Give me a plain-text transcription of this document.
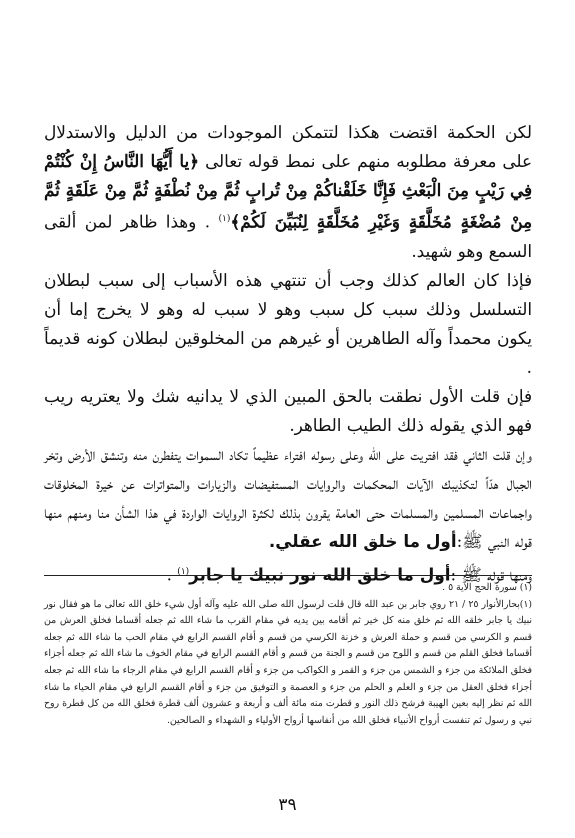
لكن الحكمة اقتضت هكذا لتتمكن الموجودات من الدليل والاستدلال على معرفة مطلوبه منهم على نمط قوله تعالى ﴿يا أَيُّهَا النَّاسُ إِنْ كُنْتُمْ فِي رَيْبٍ مِنَ الْبَعْثِ فَإِنَّا خَلَقْناكُمْ مِنْ تُرابٍ ثُمَّ مِنْ نُطْفَةٍ ثُمَّ مِنْ عَلَقَةٍ ثُمَّ مِنْ مُضْغَةٍ مُخَلَّقَةٍ وَغَيْرِ مُخَلَّقَةٍ لِنُبَيِّنَ لَكُمْ﴾$^{(١)}$ . وهذا ظاهر لمن ألقى السمع وهو شهيد.

فإذا كان العالم كذلك وجب أن تنتهي هذه الأسباب إلى سبب لبطلان التسلسل وذلك سبب كل سبب وهو لا سبب له وهو لا يخرج إما أن يكون محمداً وآله الطاهرين أو غيرهم من المخلوقين لبطلان كونه قديماً .

فإن قلت الأول نطقت بالحق المبين الذي لا يدانيه شك ولا يعتريه ريب فهو الذي يقوله ذلك الطيب الطاهر.

وإن قلت الثاني فقد افتريت على الله وعلى رسوله افتراء عظيماً تكاد السموات يتفطرن منه وتنشق الأرض وتخر الجبال هدّاً لتكذيبك الآيات المحكمات والروايات المستفيضات والزيارات والمتواترات عن خيرة المخلوقات واجماعات المسلمين والمسلمات حتى العامة يقرون بذلك لكثرة الروايات الواردة في هذا الشأن منا ومنهم منها قوله النبي ﷺ:أول ما خلق الله عقلي.

ومنها قوله ﷺ :أول ما خلق الله نور نبيك يا جابر$^{(١)}$ .

(١) سورة الحج الآية ٥ .

(١)بحارالأنوار ٢٥ / ٢١ روي جابر بن عبد الله قال قلت لرسول الله صلى الله عليه وآله أول شيء خلق الله تعالى ما هو فقال نور نبيك يا جابر خلقه الله ثم خلق منه كل خير ثم أقامه بين يديه في مقام القرب ما شاء الله ثم جعله أقساما فخلق العرش من قسم و الكرسي من قسم و حملة العرش و خزنة الكرسي من قسم و أقام القسم الرابع في مقام الحب ما شاء الله ثم جعله أقساما فخلق القلم من قسم و اللوح من قسم و الجنة من قسم و أقام القسم الرابع في مقام الخوف ما شاء الله ثم جعله أجزاء فخلق الملائكة من جزء و الشمس من جزء و القمر و الكواكب من جزء و أقام القسم الرابع في مقام الرجاء ما شاء الله ثم جعله أجزاء فخلق العقل من جزء و العلم و الحلم من جزء و العصمة و التوفيق من جزء و أقام القسم الرابع في مقام الحياء ما شاء الله ثم نظر إليه بعين الهيبة فرشح ذلك النور و قطرت منه مائة ألف و أربعة و عشرون ألف قطرة فخلق الله من كل قطرة روح نبي و رسول ثم تنفست أرواح الأنبياء فخلق الله من أنفاسها أرواح الأولياء و الشهداء و الصالحين.

٣٩
